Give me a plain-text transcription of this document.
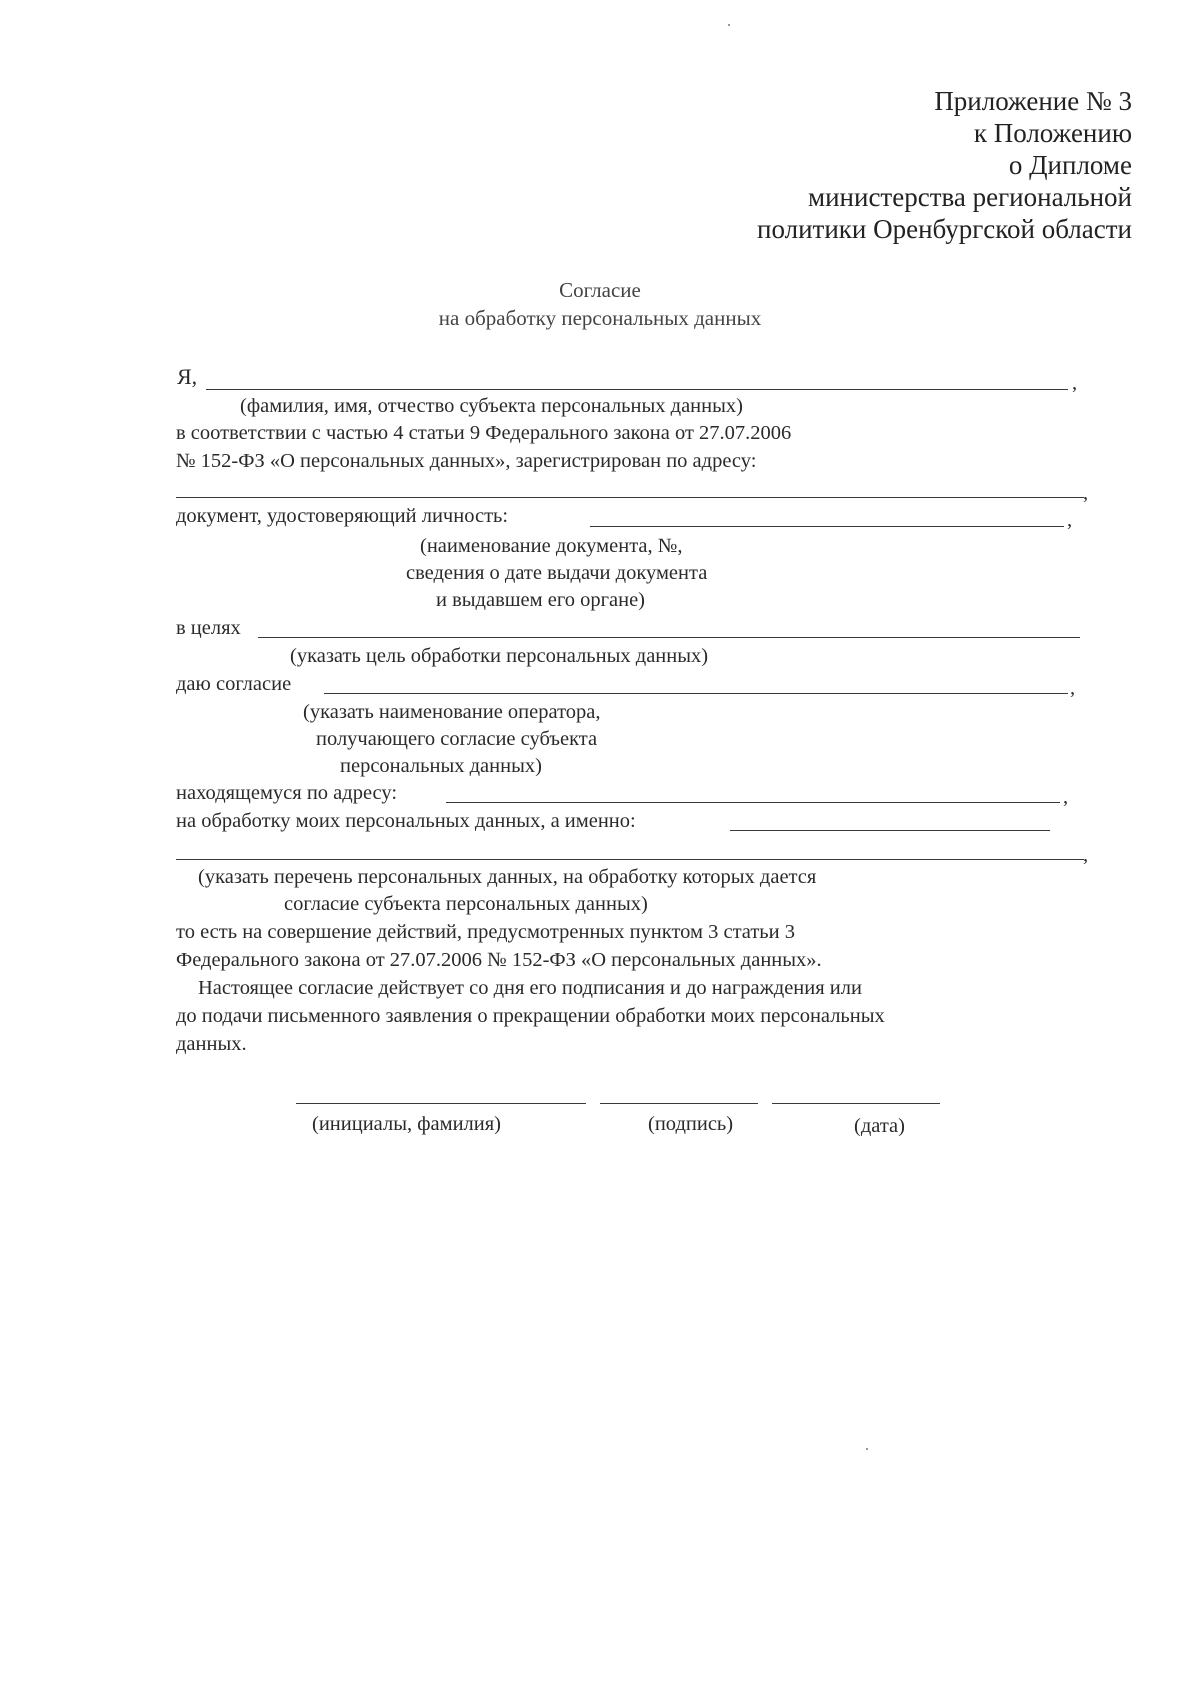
Приложение № 3
к Положению
о Дипломе
министерства региональной
политики Оренбургской области
Согласие
на обработку персональных данных
Я,	,
(фамилия, имя, отчество субъекта персональных данных)
в соответствии с частью 4 статьи 9 Федерального закона от 27.07.2006
№ 152-ФЗ «О персональных данных», зарегистрирован по адресу:
,
документ, удостоверяющий личность:	,
(наименование документа, №,
сведения о дате выдачи документа
и выдавшем его органе)
в целях
(указать цель обработки персональных данных)
даю согласие	,
(указать наименование оператора,
получающего согласие субъекта
персональных данных)
находящемуся по адресу:	,
на обработку моих персональных данных, а именно:
,
(указать перечень персональных данных, на обработку которых дается
согласие субъекта персональных данных)
то есть на совершение действий, предусмотренных пунктом 3 статьи 3
Федерального закона от 27.07.2006 № 152-ФЗ «О персональных данных».
Настоящее согласие действует со дня его подписания и до награждения или
до подачи письменного заявления о прекращении обработки моих персональных
данных.
(инициалы, фамилия)	(подпись)	(дата)
